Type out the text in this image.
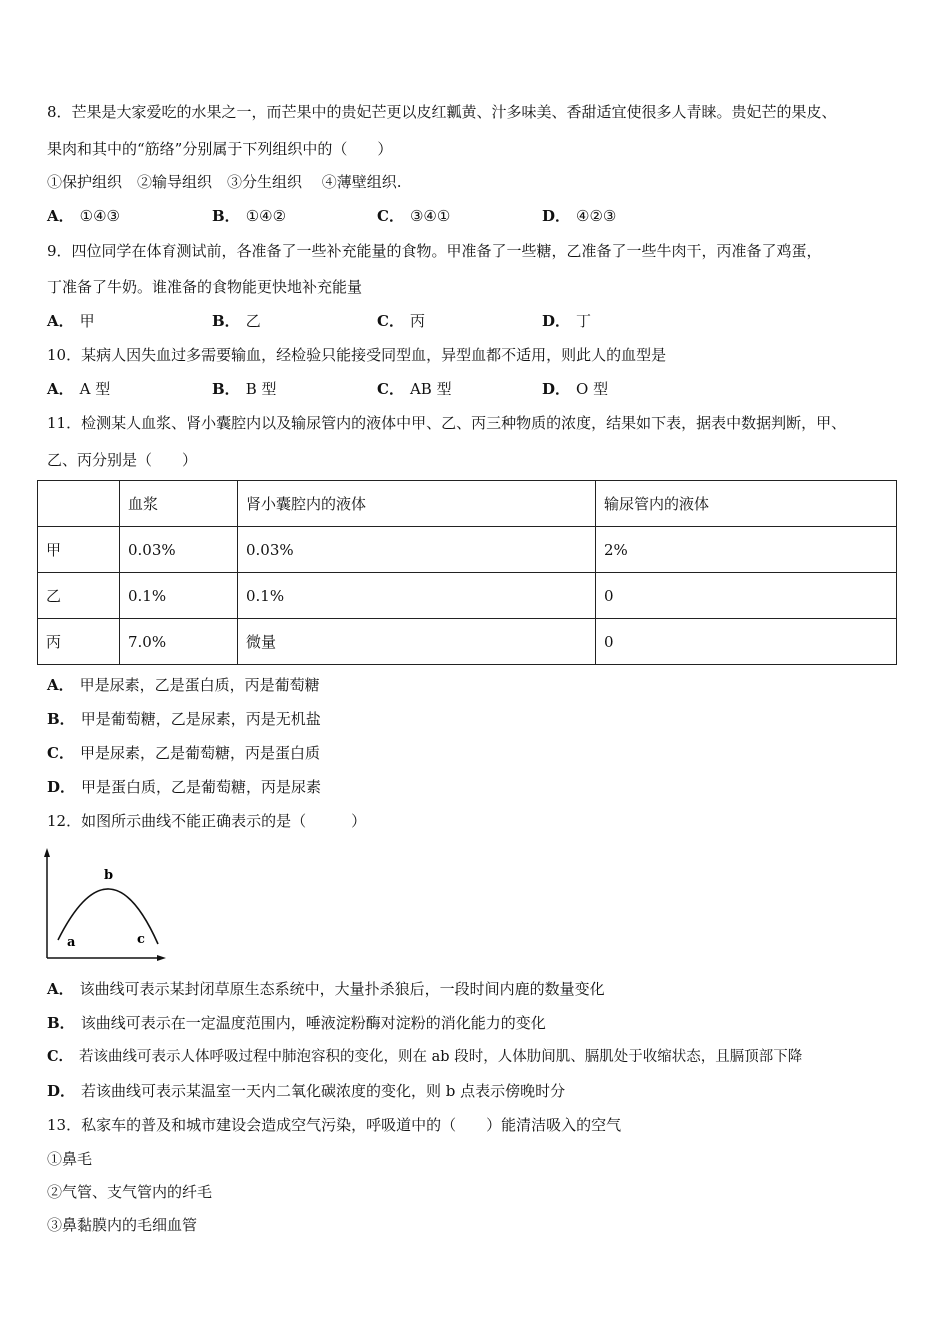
8．芒果是大家爱吃的水果之一，而芒果中的贵妃芒更以皮红瓤黄、汁多味美、香甜适宜使很多人青睐。贵妃芒的果皮、
果肉和其中的“筋络”分别属于下列组织中的（　　）
①保护组织　②输导组织　③分生组织　 ④薄壁组织.
A． ①④③	B． ①④②	C． ③④①	D． ④②③
9．四位同学在体育测试前，各准备了一些补充能量的食物。甲准备了一些糖，乙准备了一些牛肉干，丙准备了鸡蛋，
丁准备了牛奶。谁准备的食物能更快地补充能量
A． 甲	B． 乙	C． 丙	D． 丁
10．某病人因失血过多需要输血，经检验只能接受同型血，异型血都不适用，则此人的血型是
A． A 型	B． B 型	C． AB 型	D． O 型
11．检测某人血浆、肾小囊腔内以及输尿管内的液体中甲、乙、丙三种物质的浓度，结果如下表，据表中数据判断，甲、
乙、丙分别是（　　）
	血浆	肾小囊腔内的液体	输尿管内的液体
甲	0.03%	0.03%	2%
乙	0.1%	0.1%	0
丙	7.0%	微量	0
A． 甲是尿素，乙是蛋白质，丙是葡萄糖
B． 甲是葡萄糖，乙是尿素，丙是无机盐
C． 甲是尿素，乙是葡萄糖，丙是蛋白质
D． 甲是蛋白质，乙是葡萄糖，丙是尿素
12．如图所示曲线不能正确表示的是（　　　）
a
b
c
A． 该曲线可表示某封闭草原生态系统中，大量扑杀狼后，一段时间内鹿的数量变化
B． 该曲线可表示在一定温度范围内，唾液淀粉酶对淀粉的消化能力的变化
C． 若该曲线可表示人体呼吸过程中肺泡容积的变化，则在 ab 段时，人体肋间肌、膈肌处于收缩状态，且膈顶部下降
D． 若该曲线可表示某温室一天内二氧化碳浓度的变化，则 b 点表示傍晚时分
13．私家车的普及和城市建设会造成空气污染，呼吸道中的（　　）能清洁吸入的空气
①鼻毛
②气管、支气管内的纤毛
③鼻黏膜内的毛细血管
